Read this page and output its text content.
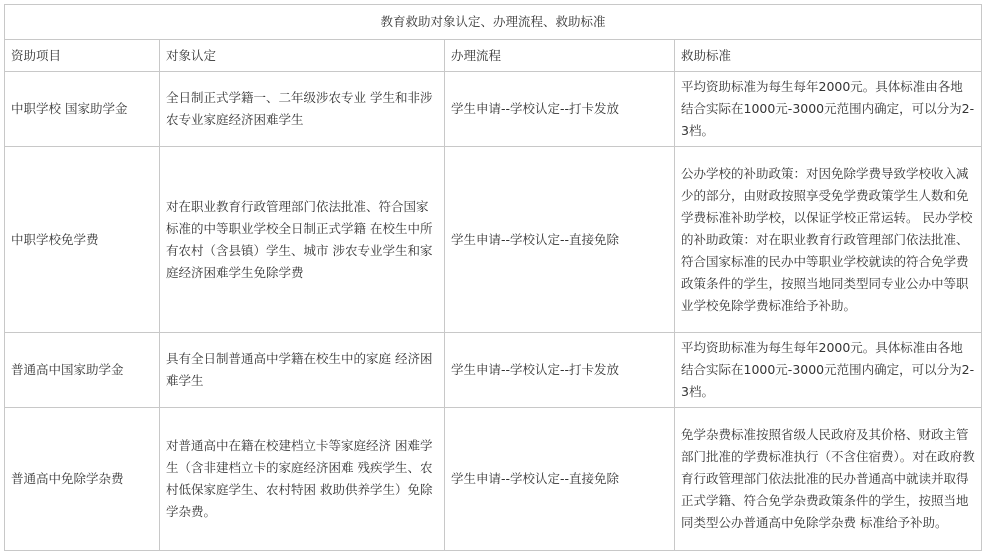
教育救助对象认定、办理流程、救助标准			
资助项目	对象认定	办理流程	救助标准
中职学校 国家助学金	全日制正式学籍一、二年级涉农专业 学生和非涉农专业家庭经济困难学生	学生申请--学校认定--打卡发放	平均资助标准为每生每年2000元。具体标准由各地结合实际在1000元-3000元范围内确定，可以分为2-3档。
中职学校免学费	对在职业教育行政管理部门依法批准、符合国家标准的中等职业学校全日制正式学籍 在校生中所有农村（含县镇）学生、城市 涉农专业学生和家庭经济困难学生免除学费	学生申请--学校认定--直接免除	公办学校的补助政策：对因免除学费导致学校收入减少的部分，由财政按照享受免学费政策学生人数和免学费标准补助学校，以保证学校正常运转。 民办学校的补助政策：对在职业教育行政管理部门依法批准、符合国家标准的民办中等职业学校就读的符合免学费政策条件的学生，按照当地同类型同专业公办中等职业学校免除学费标准给予补助。
普通高中国家助学金	具有全日制普通高中学籍在校生中的家庭 经济困难学生	学生申请--学校认定--打卡发放	平均资助标准为每生每年2000元。具体标准由各地结合实际在1000元-3000元范围内确定，可以分为2-3档。
普通高中免除学杂费	对普通高中在籍在校建档立卡等家庭经济 困难学生（含非建档立卡的家庭经济困难 残疾学生、农村低保家庭学生、农村特困 救助供养学生）免除学杂费。	学生申请--学校认定--直接免除	免学杂费标准按照省级人民政府及其价格、财政主管部门批准的学费标准执行（不含住宿费）。对在政府教育行政管理部门依法批准的民办普通高中就读并取得正式学籍、符合免学杂费政策条件的学生，按照当地同类型公办普通高中免除学杂费 标准给予补助。
